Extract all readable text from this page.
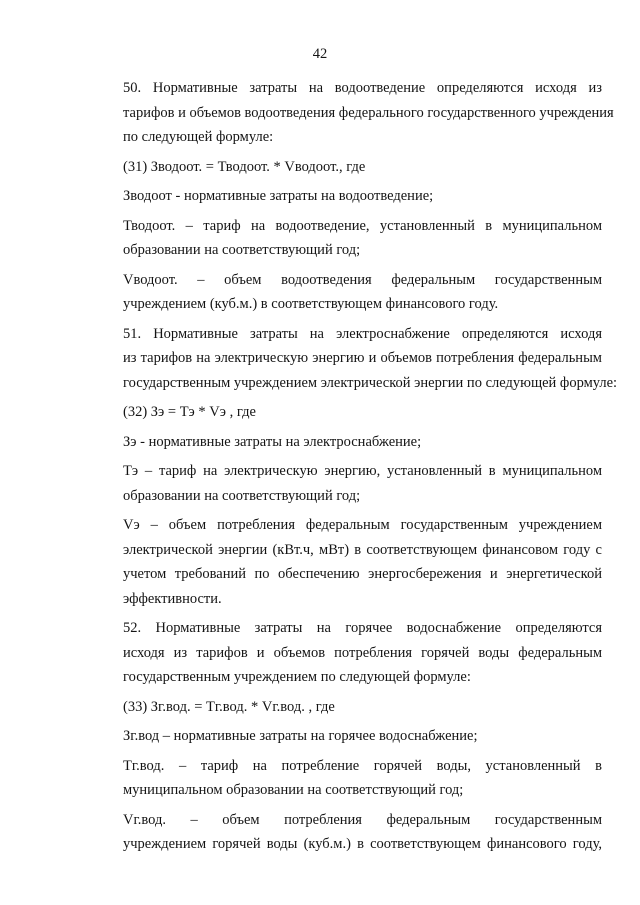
42

50. Нормативные затраты на водоотведение определяются исходя из
тарифов и объемов водоотведения федерального государственного учреждения
по следующей формуле:

(31) Зводоот. = Тводоот. * Vводоот., где

Зводоот - нормативные затраты на водоотведение;

Тводоот. – тариф на водоотведение, установленный в муниципальном
образовании на соответствующий год;

Vводоот. – объем водоотведения федеральным государственным
учреждением (куб.м.) в соответствующем финансового году.

51. Нормативные затраты на электроснабжение определяются исходя
из тарифов на электрическую энергию и объемов потребления федеральным
государственным учреждением электрической энергии по следующей формуле:

(32) Зэ = Тэ * Vэ , где

Зэ - нормативные затраты на электроснабжение;

Тэ – тариф на электрическую энергию, установленный в муниципальном
образовании на соответствующий год;

Vэ – объем потребления федеральным государственным учреждением
электрической энергии (кВт.ч, мВт) в соответствующем финансовом году с
учетом требований по обеспечению энергосбережения и энергетической
эффективности.

52. Нормативные затраты на горячее водоснабжение определяются
исходя из тарифов и объемов потребления горячей воды федеральным
государственным учреждением по следующей формуле:

(33) Зг.вод. = Тг.вод. * Vг.вод. , где

Зг.вод – нормативные затраты на горячее водоснабжение;

Тг.вод. – тариф на потребление горячей воды, установленный в
муниципальном образовании на соответствующий год;

Vг.вод. – объем потребления федеральным государственным
учреждением горячей воды (куб.м.) в соответствующем финансового году,
